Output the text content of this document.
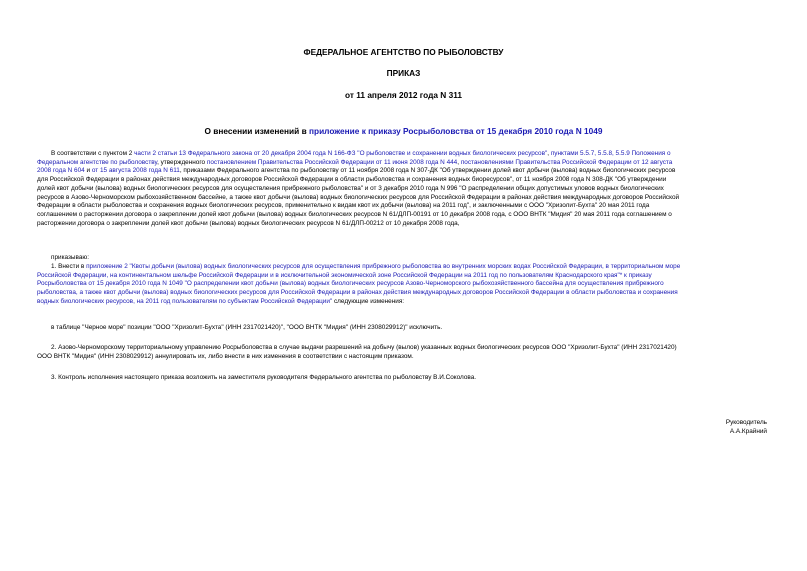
ФЕДЕРАЛЬНОЕ АГЕНТСТВО ПО РЫБОЛОВСТВУ
ПРИКАЗ
от 11 апреля 2012 года N 311
О внесении изменений в приложение к приказу Росрыболовства от 15 декабря 2010 года N 1049
В соответствии с пунктом 2 части 2 статьи 13 Федерального закона от 20 декабря 2004 года N 166-ФЗ "О рыболовстве и сохранении водных биологических ресурсов", пунктами 5.5.7, 5.5.8, 5.5.9 Положения о
Федеральном агентстве по рыболовству, утвержденного постановлением Правительства Российской Федерации от 11 июня 2008 года N 444, постановлениями Правительства Российской Федерации от 12 августа
2008 года N 604 и от 15 августа 2008 года N 611, приказами Федерального агентства по рыболовству от 11 ноября 2008 года N 307-ДК "Об утверждении долей квот добычи (вылова) водных биологических ресурсов
для Российской Федерации в районах действия международных договоров Российской Федерации в области рыболовства и сохранения водных биоресурсов", от 11 ноября 2008 года N 308-ДК "Об утверждении
долей квот добычи (вылова) водных биологических ресурсов для осуществления прибрежного рыболовства" и от 3 декабря 2010 года N 996 "О распределении общих допустимых уловов водных биологических
ресурсов в Азово-Черноморском рыбохозяйственном бассейне, а также квот добычи (вылова) водных биологических ресурсов для Российской Федерации в районах действия международных договоров Российской
Федерации в области рыболовства и сохранения водных биологических ресурсов, применительно к видам квот их добычи (вылова) на 2011 год", и заключенными с ООО "Хризолит-Бухта" 20 мая 2011 года
соглашением о расторжении договора о закреплении долей квот добычи (вылова) водных биологических ресурсов N 61/ДЛП-00191 от 10 декабря 2008 года, с ООО ВНТК "Мидия" 20 мая 2011 года соглашением о
расторжении договора о закреплении долей квот добычи (вылова) водных биологических ресурсов N 61/ДЛП-00212 от 10 декабря 2008 года,
приказываю:
1. Внести в приложение 2 "Квоты добычи (вылова) водных биологических ресурсов для осуществления прибрежного рыболовства во внутренних морских водах Российской Федерации, в территориальном море
Российской Федерации, на континентальном шельфе Российской Федерации и в исключительной экономической зоне Российской Федерации на 2011 год по пользователям Краснодарского края"* к приказу
Росрыболовства от 15 декабря 2010 года N 1049 "О распределении квот добычи (вылова) водных биологических ресурсов Азово-Черноморского рыбохозяйственного бассейна для осуществления прибрежного
рыболовства, а также квот добычи (вылова) водных биологических ресурсов для Российской Федерации в районах действия международных договоров Российской Федерации в области рыболовства и сохранения
водных биологических ресурсов, на 2011 год пользователям по субъектам Российской Федерации" следующие изменения:
в таблице "Черное море" позиции "ООО "Хризолит-Бухта" (ИНН 2317021420)", "ООО ВНТК "Мидия" (ИНН 2308029912)" исключить.
2. Азово-Черноморскому территориальному управлению Росрыболовства в случае выдачи разрешений на добычу (вылов) указанных водных биологических ресурсов ООО "Хризолит-Бухта" (ИНН 2317021420)
ООО ВНТК "Мидия" (ИНН 2308029912) аннулировать их, либо внести в них изменения в соответствии с настоящим приказом.
3. Контроль исполнения настоящего приказа возложить на заместителя руководителя Федерального агентства по рыболовству В.И.Соколова.
Руководитель
А.А.Крайний
